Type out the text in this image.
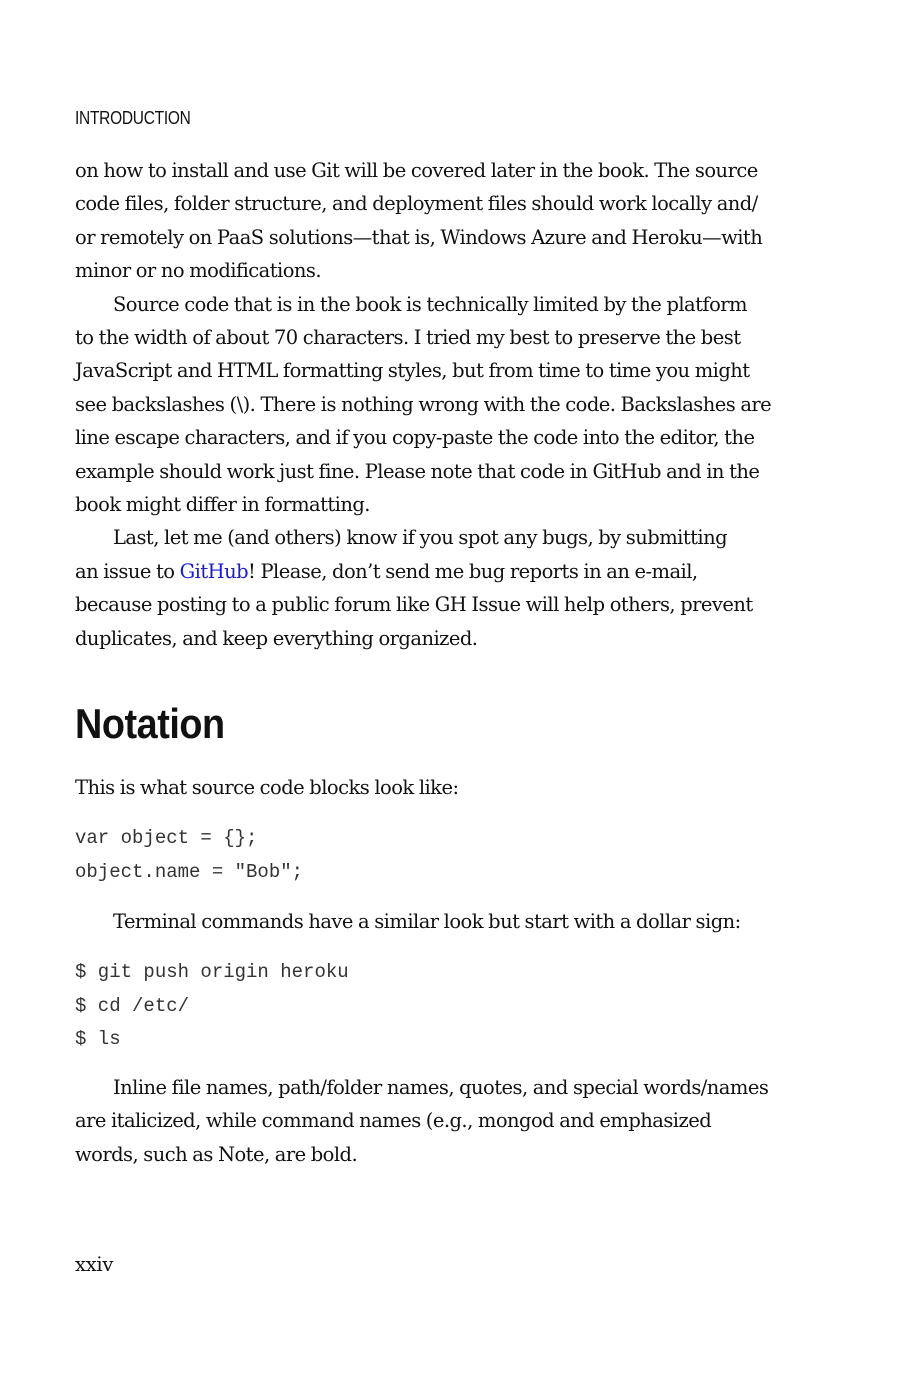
INTRODUCTION

on how to install and use Git will be covered later in the book. The source
code files, folder structure, and deployment files should work locally and/
or remotely on PaaS solutions—that is, Windows Azure and Heroku—with
minor or no modifications.

Source code that is in the book is technically limited by the platform
to the width of about 70 characters. I tried my best to preserve the best
JavaScript and HTML formatting styles, but from time to time you might
see backslashes (\). There is nothing wrong with the code. Backslashes are
line escape characters, and if you copy-paste the code into the editor, the
example should work just fine. Please note that code in GitHub and in the
book might differ in formatting.

Last, let me (and others) know if you spot any bugs, by submitting
an issue to GitHub! Please, don’t send me bug reports in an e-mail,
because posting to a public forum like GH Issue will help others, prevent
duplicates, and keep everything organized.

Notation

This is what source code blocks look like:

var object = {};
object.name = "Bob";

Terminal commands have a similar look but start with a dollar sign:

$ git push origin heroku
$ cd /etc/
$ ls

Inline file names, path/folder names, quotes, and special words/names
are italicized, while command names (e.g., mongod and emphasized
words, such as Note, are bold.

xxiv
